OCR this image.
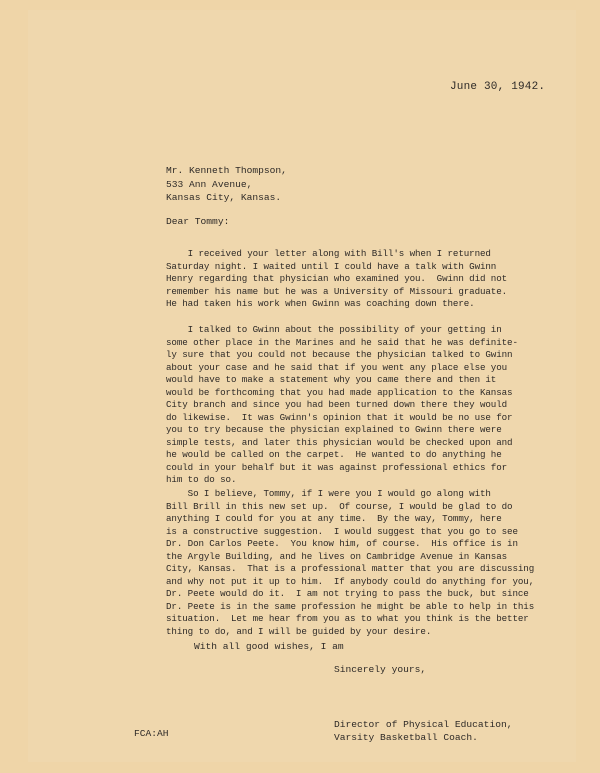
June 30, 1942.
Mr. Kenneth Thompson,
533 Ann Avenue,
Kansas City, Kansas.
Dear Tommy:
I received your letter along with Bill's when I returned
Saturday night. I waited until I could have a talk with Gwinn
Henry regarding that physician who examined you.  Gwinn did not
remember his name but he was a University of Missouri graduate.
He had taken his work when Gwinn was coaching down there.
I talked to Gwinn about the possibility of your getting in
some other place in the Marines and he said that he was definite-
ly sure that you could not because the physician talked to Gwinn
about your case and he said that if you went any place else you
would have to make a statement why you came there and then it
would be forthcoming that you had made application to the Kansas
City branch and since you had been turned down there they would
do likewise.  It was Gwinn's opinion that it would be no use for
you to try because the physician explained to Gwinn there were
simple tests, and later this physician would be checked upon and
he would be called on the carpet.  He wanted to do anything he
could in your behalf but it was against professional ethics for
him to do so.
So I believe, Tommy, if I were you I would go along with
Bill Brill in this new set up.  Of course, I would be glad to do
anything I could for you at any time.  By the way, Tommy, here
is a constructive suggestion.  I would suggest that you go to see
Dr. Don Carlos Peete.  You know him, of course.  His office is in
the Argyle Building, and he lives on Cambridge Avenue in Kansas
City, Kansas.  That is a professional matter that you are discussing
and why not put it up to him.  If anybody could do anything for you,
Dr. Peete would do it.  I am not trying to pass the buck, but since
Dr. Peete is in the same profession he might be able to help in this
situation.  Let me hear from you as to what you think is the better
thing to do, and I will be guided by your desire.
With all good wishes, I am
Sincerely yours,
Director of Physical Education,
Varsity Basketball Coach.
FCA:AH
